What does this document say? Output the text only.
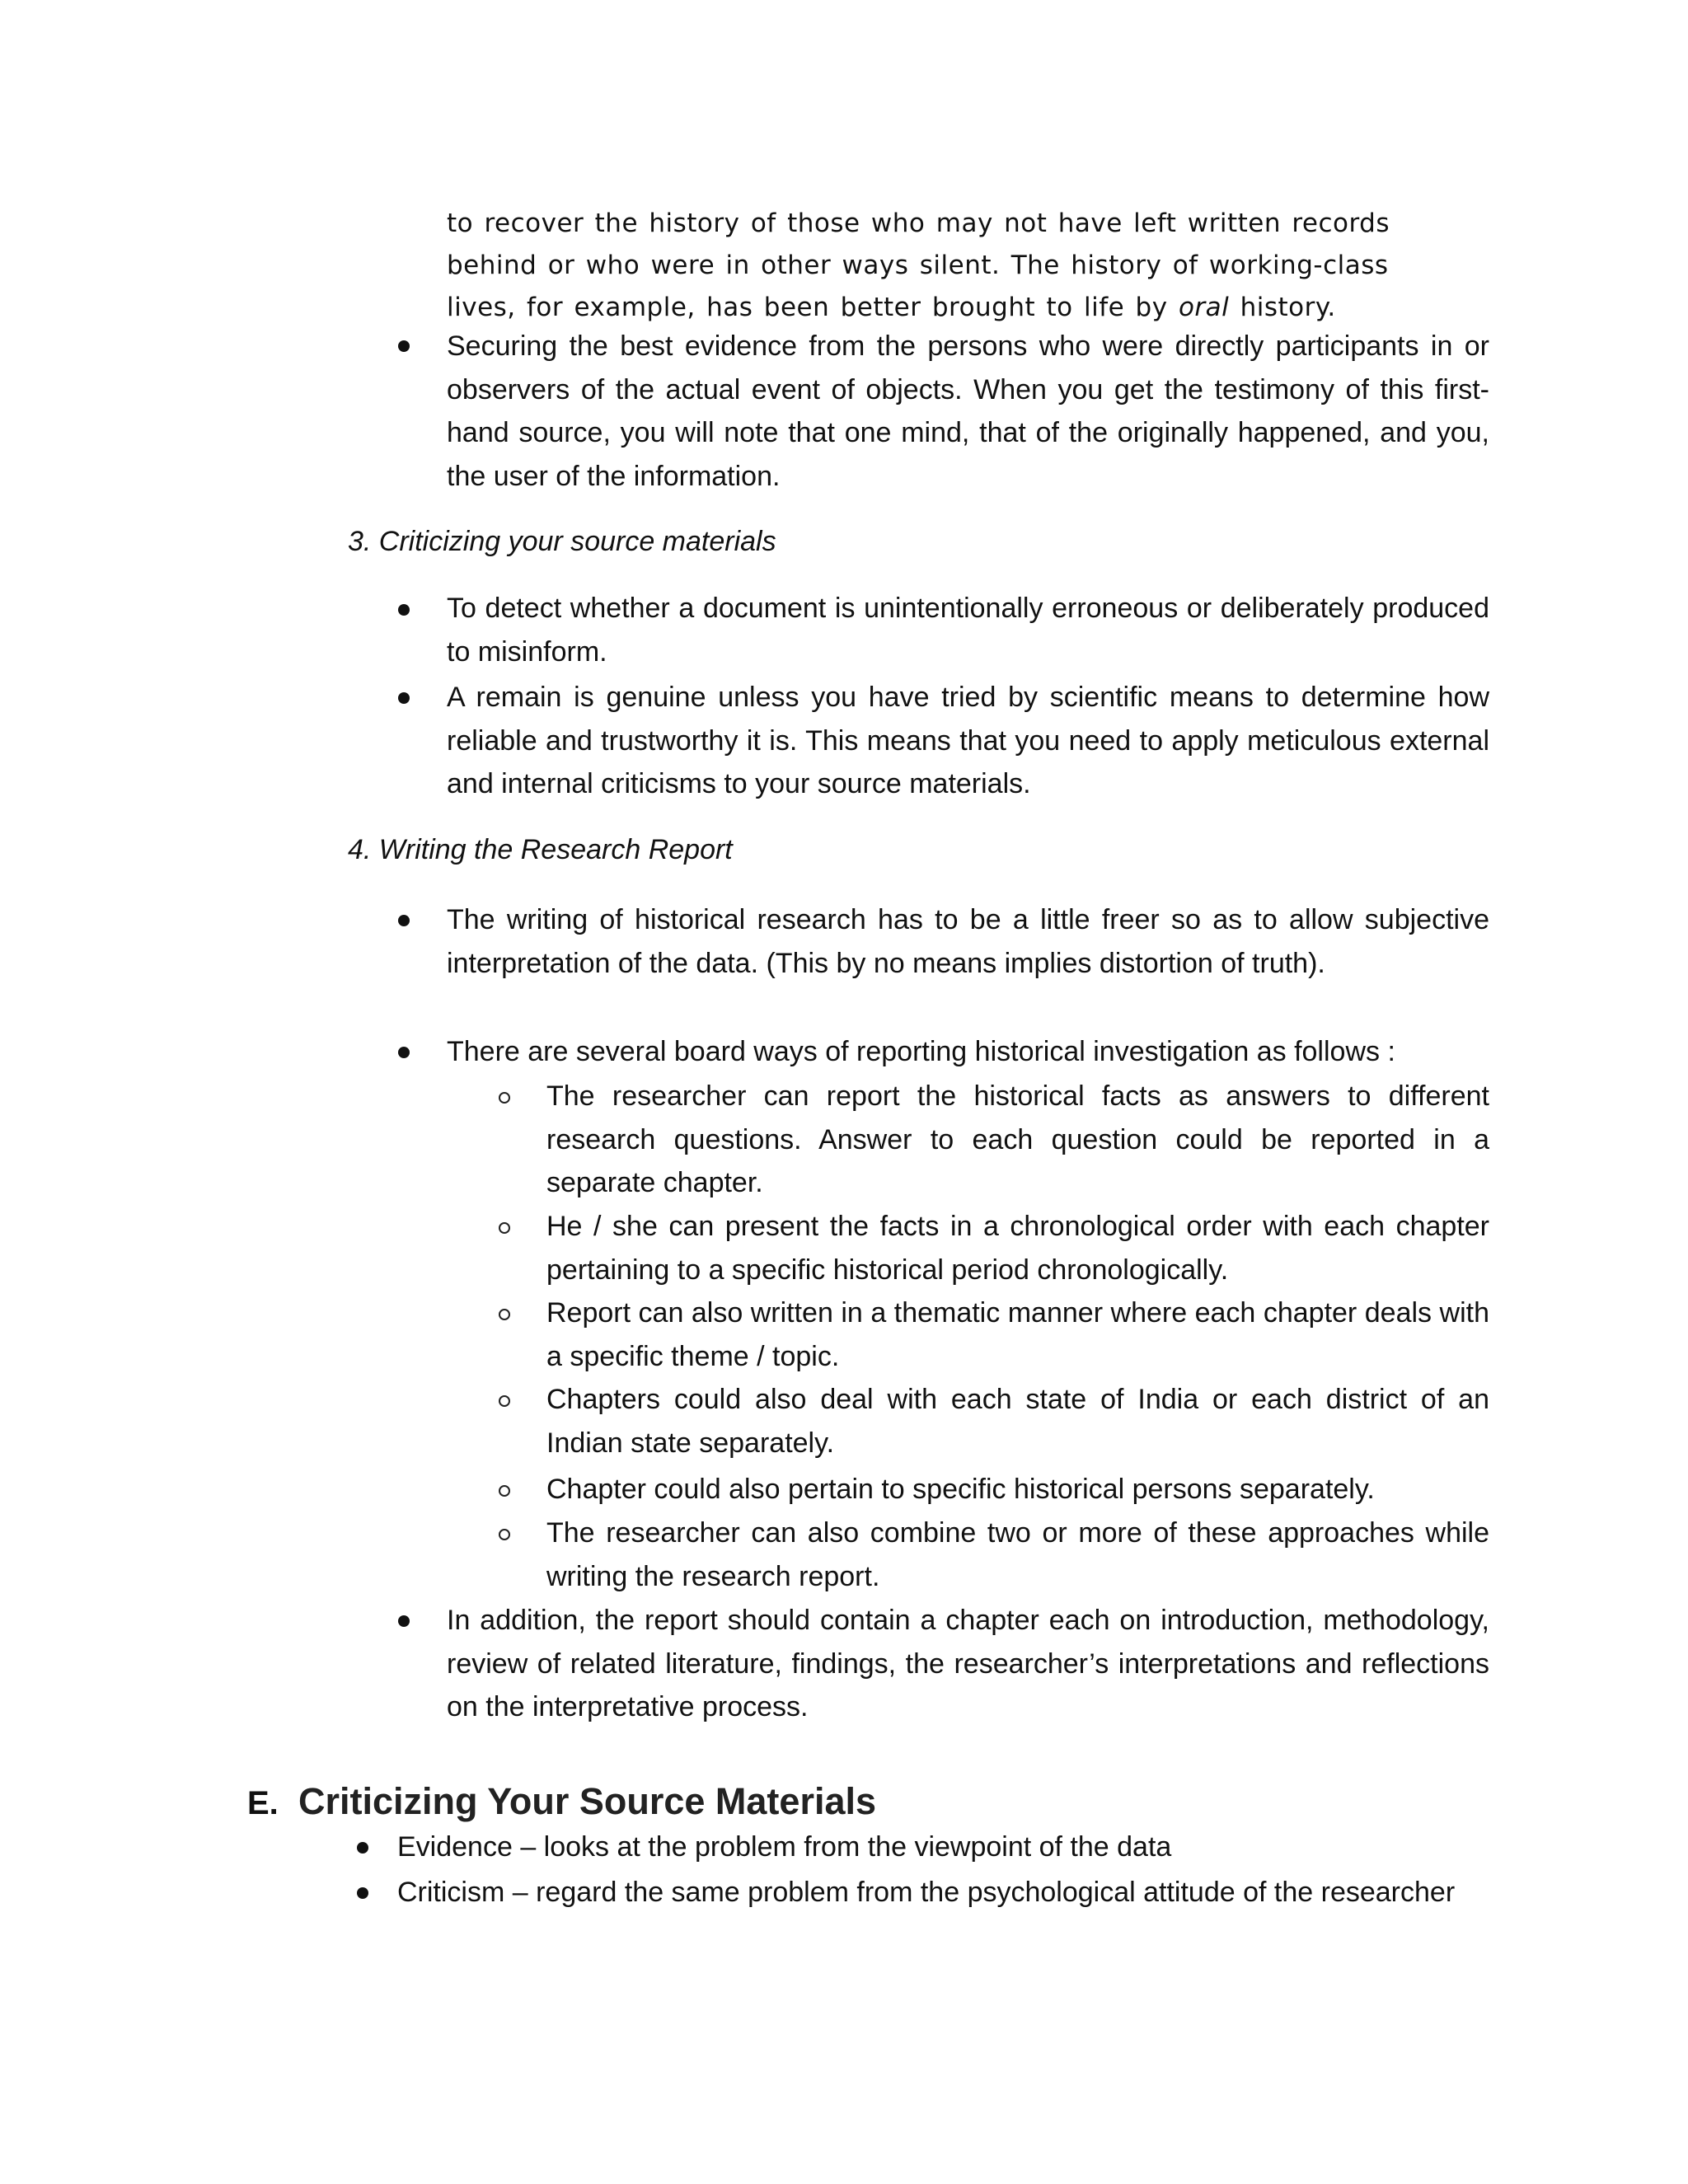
to recover the history of those who may not have left written records behind or who were in other ways silent. The history of working-class lives, for example, has been better brought to life by oral history.

Securing the best evidence from the persons who were directly participants in or observers of the actual event of objects. When you get the testimony of this first-hand source, you will note that one mind, that of the originally happened, and you, the user of the information.

3. Criticizing your source materials

To detect whether a document is unintentionally erroneous or deliberately produced to misinform.

A remain is genuine unless you have tried by scientific means to determine how reliable and trustworthy it is. This means that you need to apply meticulous external and internal criticisms to your source materials.

4. Writing the Research Report

The writing of historical research has to be a little freer so as to allow subjective interpretation of the data. (This by no means implies distortion of truth).

There are several board ways of reporting historical investigation as follows :

The researcher can report the historical facts as answers to different research questions. Answer to each question could be reported in a separate chapter.

He / she can present the facts in a chronological order with each chapter pertaining to a specific historical period chronologically.

Report can also written in a thematic manner where each chapter deals with a specific theme / topic.

Chapters could also deal with each state of India or each district of an Indian state separately.

Chapter could also pertain to specific historical persons separately.

The researcher can also combine two or more of these approaches while writing the research report.

In addition, the report should contain a chapter each on introduction, methodology, review of related literature, findings, the researcher’s interpretations and reflections on the interpretative process.

E. Criticizing Your Source Materials

Evidence – looks at the problem from the viewpoint of the data

Criticism – regard the same problem from the psychological attitude of the researcher
